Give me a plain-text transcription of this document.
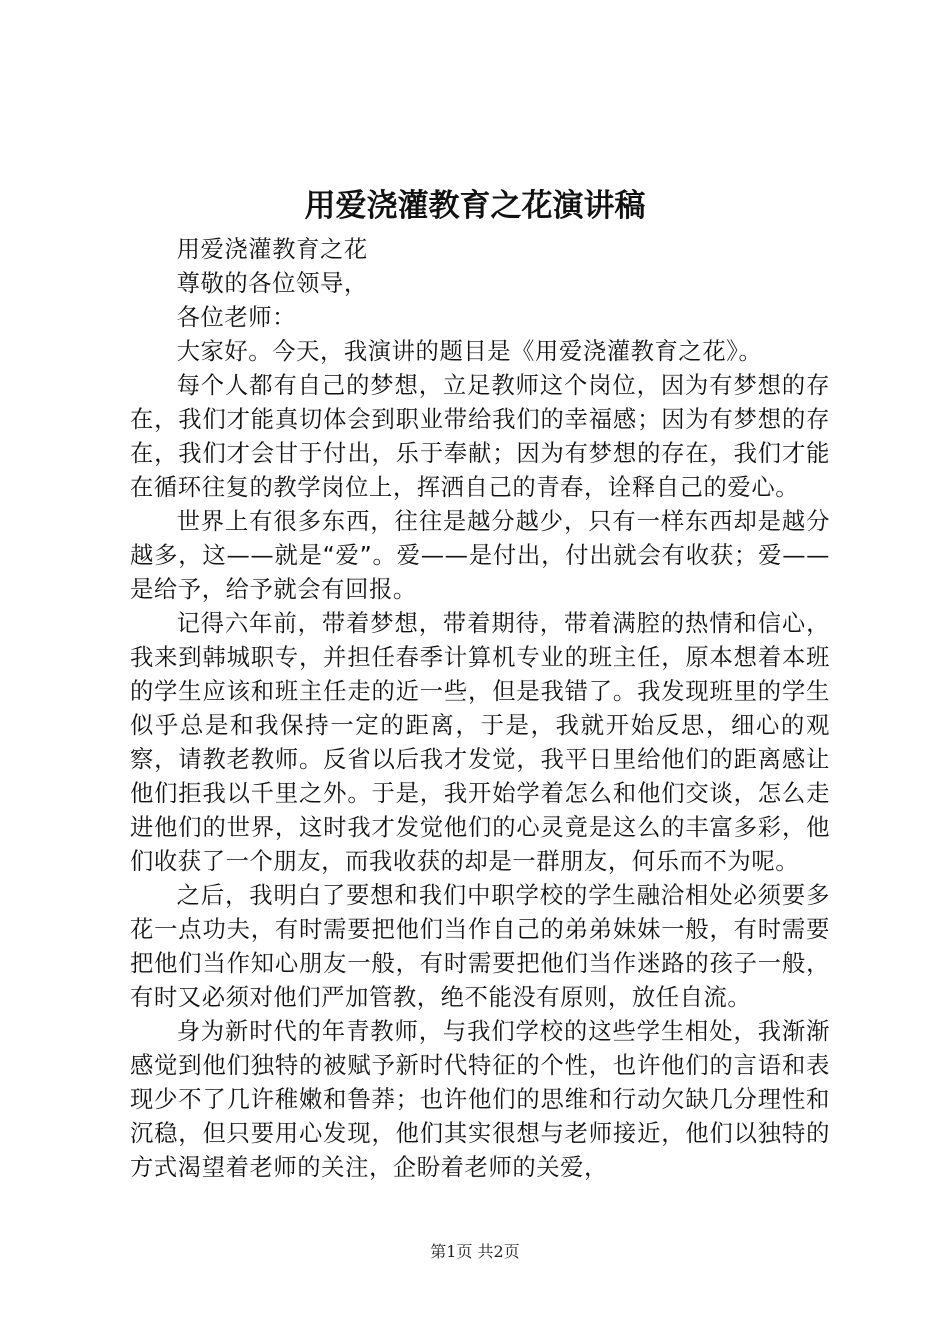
用爱浇灌教育之花演讲稿

用爱浇灌教育之花

尊敬的各位领导，

各位老师：

大家好。今天，我演讲的题目是《用爱浇灌教育之花》。

每个人都有自己的梦想，立足教师这个岗位，因为有梦想的存在，我们才能真切体会到职业带给我们的幸福感；因为有梦想的存在，我们才会甘于付出，乐于奉献；因为有梦想的存在，我们才能在循环往复的教学岗位上，挥洒自己的青春，诠释自己的爱心。

世界上有很多东西，往往是越分越少，只有一样东西却是越分越多，这——就是“爱”。爱——是付出，付出就会有收获；爱——是给予，给予就会有回报。

记得六年前，带着梦想，带着期待，带着满腔的热情和信心，我来到韩城职专，并担任春季计算机专业的班主任，原本想着本班的学生应该和班主任走的近一些，但是我错了。我发现班里的学生似乎总是和我保持一定的距离，于是，我就开始反思，细心的观察，请教老教师。反省以后我才发觉，我平日里给他们的距离感让他们拒我以千里之外。于是，我开始学着怎么和他们交谈，怎么走进他们的世界，这时我才发觉他们的心灵竟是这么的丰富多彩，他们收获了一个朋友，而我收获的却是一群朋友，何乐而不为呢。

之后，我明白了要想和我们中职学校的学生融洽相处必须要多花一点功夫，有时需要把他们当作自己的弟弟妹妹一般，有时需要把他们当作知心朋友一般，有时需要把他们当作迷路的孩子一般，有时又必须对他们严加管教，绝不能没有原则，放任自流。

身为新时代的年青教师，与我们学校的这些学生相处，我渐渐感觉到他们独特的被赋予新时代特征的个性，也许他们的言语和表现少不了几许稚嫩和鲁莽；也许他们的思维和行动欠缺几分理性和沉稳，但只要用心发现，他们其实很想与老师接近，他们以独特的方式渴望着老师的关注，企盼着老师的关爱，

第1页 共2页
